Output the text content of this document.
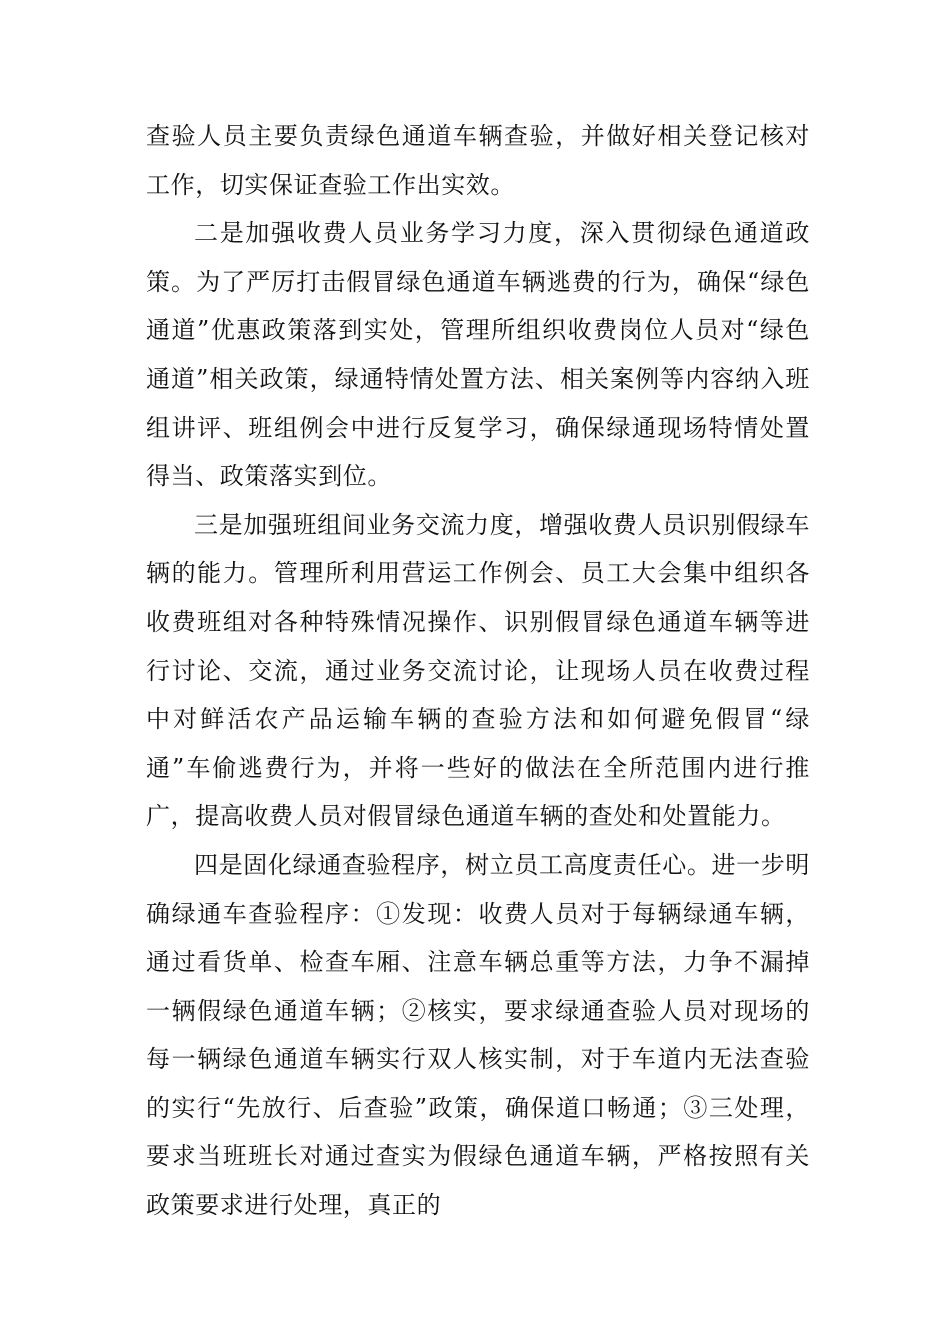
查验人员主要负责绿色通道车辆查验，并做好相关登记核对工作，切实保证查验工作出实效。

二是加强收费人员业务学习力度，深入贯彻绿色通道政策。为了严厉打击假冒绿色通道车辆逃费的行为，确保“绿色通道”优惠政策落到实处，管理所组织收费岗位人员对“绿色通道”相关政策，绿通特情处置方法、相关案例等内容纳入班组讲评、班组例会中进行反复学习，确保绿通现场特情处置得当、政策落实到位。

三是加强班组间业务交流力度，增强收费人员识别假绿车辆的能力。管理所利用营运工作例会、员工大会集中组织各收费班组对各种特殊情况操作、识别假冒绿色通道车辆等进行讨论、交流，通过业务交流讨论，让现场人员在收费过程中对鲜活农产品运输车辆的查验方法和如何避免假冒“绿通”车偷逃费行为，并将一些好的做法在全所范围内进行推广，提高收费人员对假冒绿色通道车辆的查处和处置能力。

四是固化绿通查验程序，树立员工高度责任心。进一步明确绿通车查验程序：①发现：收费人员对于每辆绿通车辆，通过看货单、检查车厢、注意车辆总重等方法，力争不漏掉一辆假绿色通道车辆；②核实，要求绿通查验人员对现场的每一辆绿色通道车辆实行双人核实制，对于车道内无法查验的实行“先放行、后查验”政策，确保道口畅通；③三处理，要求当班班长对通过查实为假绿色通道车辆，严格按照有关政策要求进行处理，真正的
